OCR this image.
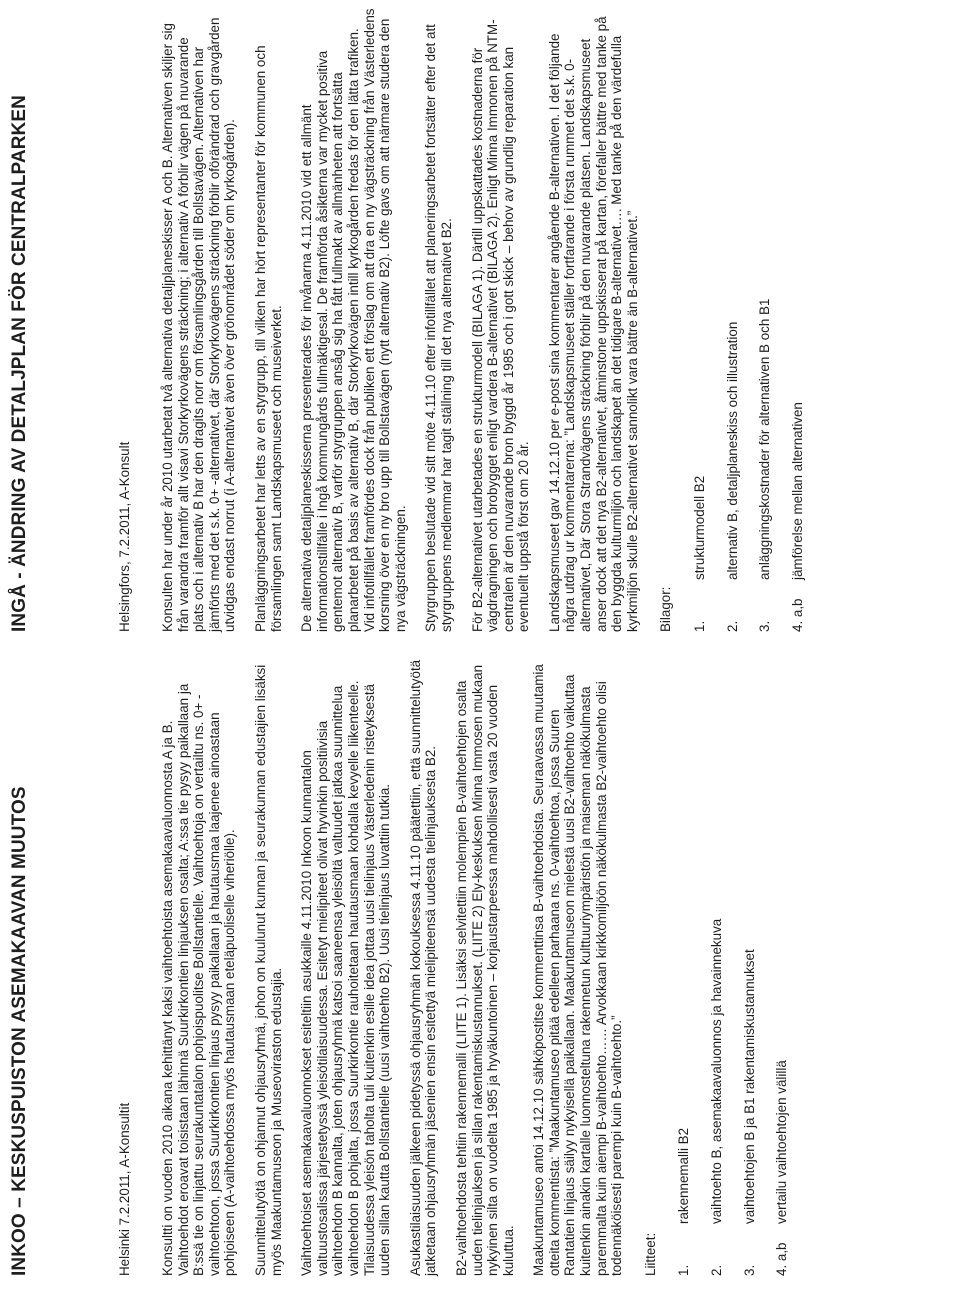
INKOO – KESKUSPUISTON ASEMAKAAVAN MUUTOS	Helsinki 7.2.2011, A-Konsultit Konsultti on vuoden 2010 aikana kehittänyt kaksi vaihtoehtoista asemakaavaluonnosta A ja B. Vaihtoehdot eroavat toisistaan lähinnä Suurkirkontien linjauksen osalta; A:ssa tie pysyy paikallaan ja B:ssä tie on linjattu seurakuntatalon pohjoispuolitse Bollstantielle. Vaihtoehtoja on vertailtu ns. 0+ -vaihtoehtoon, jossa Suurkirkontien linjaus pysyy paikallaan ja hautausmaa laajenee ainoastaan pohjoiseen (A-vaihtoehdossa myös hautausmaan eteläpuoliselle viheriölle). Suunnittelutyötä on ohjannut ohjausryhmä, johon on kuulunut kunnan ja seurakunnan edustajien lisäksi myös Maakuntamuseon ja Museoviraston edustajia. Vaihtoehtoiset asemakaavaluonnokset esiteltiin asukkaille 4.11.2010 Inkoon kunnantalon valtuustosalissa järjestetyssä yleisötilaisuudessa. Esitetyt mielipiteet olivat hyvinkin positiivisia vaihtoehdon B kannalta, joten ohjausryhmä katsoi saaneensa yleisöltä valtuudet jatkaa suunnittelua vaihtoehdon B pohjalta, jossa Suurkirkontie rauhoitetaan hautausmaan kohdalla kevyelle liikenteelle. Tilaisuudessa yleisön taholta tuli kuitenkin esille idea jottaa uusi tielinjaus Västerledenin risteyksestä uuden sillan kautta Bollstantielle (uusi vaihtoehto B2). Uusi tielinjaus luvattiin tutkia. Asukastilaisuuden jälkeen pidetyssä ohjausryhmän kokouksessa 4.11.10 päätettiin, että suunnittelutyötä jatketaan ohjausryhmän jäsenien ensin esitettyä mielipiteensä uudesta tielinjauksesta B2. B2-vaihtoehdosta tehtiin rakennemalli (LIITE 1). Lisäksi selvitettiin molempien B-vaihtoehtojen osalta uuden tielinjauksen ja sillan rakentamiskustannukset. (LIITE 2) Ely-keskuksen Minna Immosen mukaan nykyinen silta on vuodelta 1985 ja hyväkuntoinen – korjaustarpeessa mahdollisesti vasta 20 vuoden kuluttua. Maakuntamuseo antoi 14.12.10 sähköpostitse kommenttinsa B-vaihtoehdoista. Seuraavassa muutamia otteita kommentista: ”Maakuntamuseo pitää edelleen parhaana ns. 0-vaihtoehtoa, jossa Suuren Rantatien linjaus säilyy nykyisellä paikallaan. Maakuntamuseon mielestä uusi B2-vaihtoehto vaikuttaa kuitenkin ainakin kartalle luonnosteltuna rakennetun kulttuuriympäristön ja maiseman näkökulmasta paremmalta kuin aiempi B-vaihtoehto…… Arvokkaan kirkkomiljöön näkökulmasta B2-vaihtoehto olisi todennäköisesti parempi kuin B-vaihtoehto.” Liitteet: 1.
rakennemalli B2
2.
vaihtoehto B, asemakaavaluonnos ja havainnekuva
3.
vaihtoehtojen B ja B1 rakentamiskustannukset
4. a,b
vertailu vaihtoehtojen välillä
INGÅ - ÄNDRING AV DETALJPLAN FÖR CENTRALPARKEN	Helsingfors, 7.2.2011, A-Konsult Konsulten har under år 2010 utarbetat två alternativa detaljplaneskisser A och B. Alternativen skiljer sig från varandra framför allt visavi Storkyrkovägens sträckning; i alternativ A förblir vägen på nuvarande plats och i alternativ B har den dragits norr om församlingsgården till Bollstavägen. Alternativen har jämförts med det s.k. 0+ -alternativet, där Storkyrkovägens sträckning förblir oförändrad och gravgården utvidgas endast norrut (i A-alternativet även över grönområdet söder om kyrkogården). Planläggningsarbetet har letts av en styrgrupp, till vilken har hört representanter för kommunen och församlingen samt Landskapsmuseet och museiverket. De alternativa detaljplaneskisserna presenterades för invånarna 4.11.2010 vid ett allmänt informationstillfälle i Ingå kommungårds fullmäktigesal. De framförda åsikterna var mycket positiva gentemot alternativ B, varför styrgruppen ansåg sig ha fått fullmakt av allmänheten att fortsätta planarbetet på basis av alternativ B, där Storkyrkovägen intill kyrkogården fredas för den lätta trafiken. Vid infotillfället framfördes dock från publiken ett förslag om att dra en ny vägsträckning från Västerledens korsning över en ny bro upp till Bollstavägen (nytt alternativ B2). Löfte gavs om att närmare studera den nya vägsträckningen. Styrgruppen beslutade vid sitt möte 4.11.10 efter infotillfället att planeringsarbetet fortsätter efter det att styrgruppens medlemmar har tagit ställning till det nya alternativet B2. För B2-alternativet utarbetades en strukturmodell (BILAGA 1). Därtill uppskattades kostnaderna för vägdragningen och brobygget enligt vardera B-alternativet (BILAGA 2). Enligt Minna Immonen på NTM-centralen är den nuvarande bron byggd år 1985 och i gott skick – behov av grundlig reparation kan eventuellt uppstå först om 20 år. Landskapsmuseet gav 14.12.10 per e-post sina kommentarer angående B-alternativen. I det följande några utdrag ur kommentarerna: ”Landskapsmuseet ställer fortfarande i första rummet det s.k. 0-alternativet, Där Stora Strandvägens sträckning förblir på den nuvarande platsen. Landskapsmuseet anser dock att det nya B2-alternativet, åtminstone uppskisserat på kartan, förefaller bättre med tanke på den byggda kulturmiljön och landskapet än det tidigare B-alternativet…. Med tanke på den värdefulla kyrkmiljön skulle B2-alternativet sannolikt vara bättre än B-alternativet.” Bilagor: 1.
strukturmodell B2
2.
alternativ B, detaljplaneskiss och illustration
3.
anläggningskostnader för alternativen B och B1
4. a,b
jämförelse mellan alternativen
